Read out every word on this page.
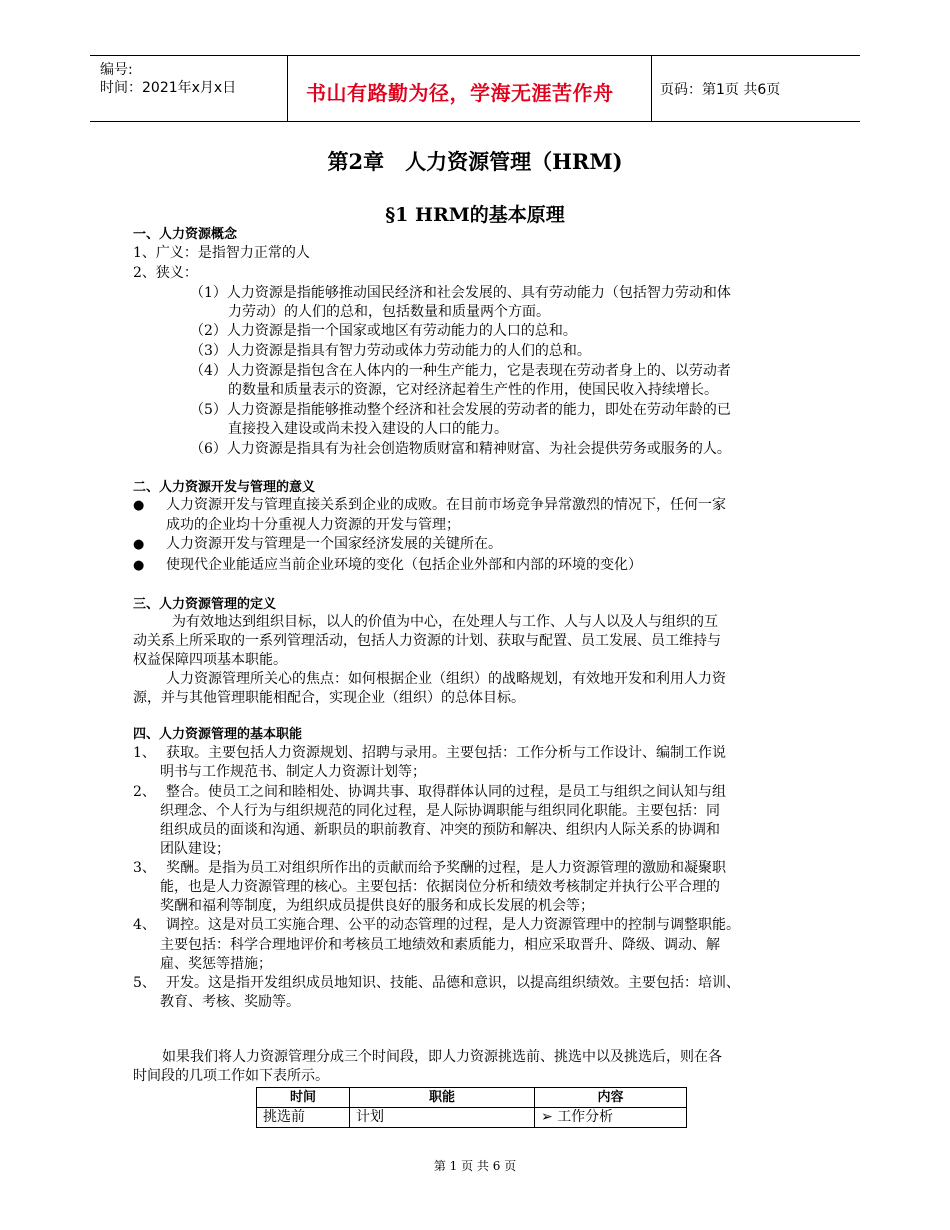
编号:
时间：2021年x月x日	书山有路勤为径，学海无涯苦作舟	页码：第1页 共6页
第2章　人力资源管理（HRM)
§1 HRM的基本原理
一、人力资源概念
1、广义：是指智力正常的人
2、狭义：
（1）人力资源是指能够推动国民经济和社会发展的、具有劳动能力（包括智力劳动和体
力劳动）的人们的总和，包括数量和质量两个方面。
（2）人力资源是指一个国家或地区有劳动能力的人口的总和。
（3）人力资源是指具有智力劳动或体力劳动能力的人们的总和。
（4）人力资源是指包含在人体内的一种生产能力，它是表现在劳动者身上的、以劳动者
的数量和质量表示的资源，它对经济起着生产性的作用，使国民收入持续增长。
（5）人力资源是指能够推动整个经济和社会发展的劳动者的能力，即处在劳动年龄的已
直接投入建设或尚未投入建设的人口的能力。
（6）人力资源是指具有为社会创造物质财富和精神财富、为社会提供劳务或服务的人。
二、人力资源开发与管理的意义
● 人力资源开发与管理直接关系到企业的成败。在目前市场竞争异常激烈的情况下，任何一家
成功的企业均十分重视人力资源的开发与管理；
● 人力资源开发与管理是一个国家经济发展的关键所在。
● 使现代企业能适应当前企业环境的变化（包括企业外部和内部的环境的变化）
三、人力资源管理的定义
为有效地达到组织目标，以人的价值为中心，在处理人与工作、人与人以及人与组织的互
动关系上所采取的一系列管理活动，包括人力资源的计划、获取与配置、员工发展、员工维持与
权益保障四项基本职能。
人力资源管理所关心的焦点：如何根据企业（组织）的战略规划，有效地开发和利用人力资
源，并与其他管理职能相配合，实现企业（组织）的总体目标。
四、人力资源管理的基本职能
1、 获取。主要包括人力资源规划、招聘与录用。主要包括：工作分析与工作设计、编制工作说
明书与工作规范书、制定人力资源计划等；
2、 整合。使员工之间和睦相处、协调共事、取得群体认同的过程，是员工与组织之间认知与组
织理念、个人行为与组织规范的同化过程，是人际协调职能与组织同化职能。主要包括：同
组织成员的面谈和沟通、新职员的职前教育、冲突的预防和解决、组织内人际关系的协调和
团队建设；
3、 奖酬。是指为员工对组织所作出的贡献而给予奖酬的过程，是人力资源管理的激励和凝聚职
能，也是人力资源管理的核心。主要包括：依据岗位分析和绩效考核制定并执行公平合理的
奖酬和福利等制度，为组织成员提供良好的服务和成长发展的机会等；
4、 调控。这是对员工实施合理、公平的动态管理的过程，是人力资源管理中的控制与调整职能。
主要包括：科学合理地评价和考核员工地绩效和素质能力，相应采取晋升、降级、调动、解
雇、奖惩等措施；
5、 开发。这是指开发组织成员地知识、技能、品德和意识，以提高组织绩效。主要包括：培训、
教育、考核、奖励等。
如果我们将人力资源管理分成三个时间段，即人力资源挑选前、挑选中以及挑选后，则在各
时间段的几项工作如下表所示。
时间	职能	内容
挑选前	计划	➢ 工作分析
第 1 页 共 6 页
